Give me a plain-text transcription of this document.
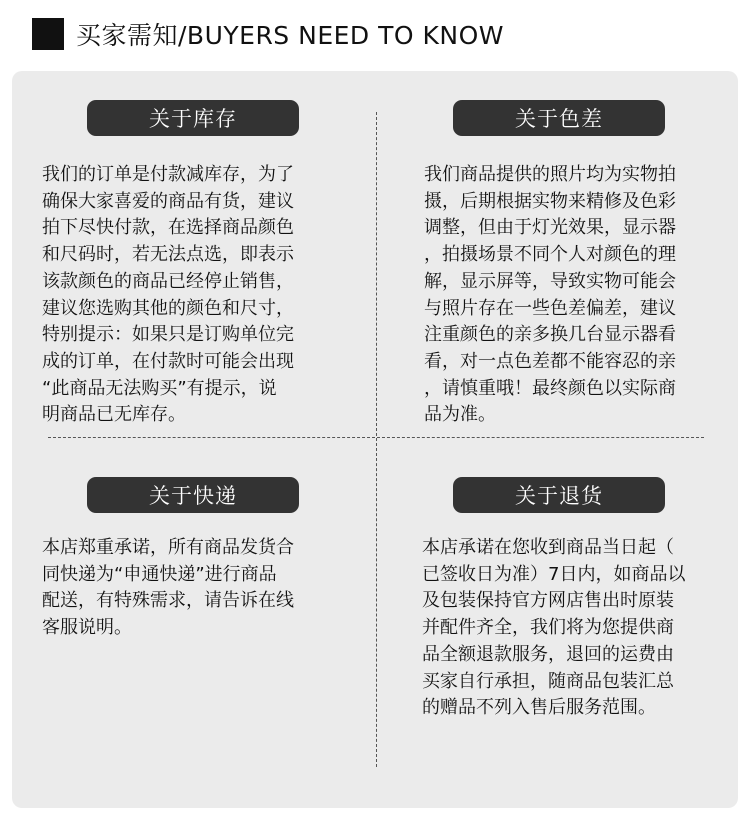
买家需知/BUYERS NEED TO KNOW
关于库存
我们的订单是付款减库存，为了
确保大家喜爱的商品有货，建议
拍下尽快付款，在选择商品颜色
和尺码时，若无法点选，即表示
该款颜色的商品已经停止销售，
建议您选购其他的颜色和尺寸，
特别提示：如果只是订购单位完
成的订单，在付款时可能会出现
“此商品无法购买”有提示，说
明商品已无库存。
关于色差
我们商品提供的照片均为实物拍
摄，后期根据实物来精修及色彩
调整，但由于灯光效果，显示器
，拍摄场景不同个人对颜色的理
解，显示屏等，导致实物可能会
与照片存在一些色差偏差，建议
注重颜色的亲多换几台显示器看
看，对一点色差都不能容忍的亲
，请慎重哦！最终颜色以实际商
品为准。
关于快递
本店郑重承诺，所有商品发货合
同快递为“申通快递”进行商品
配送，有特殊需求，请告诉在线
客服说明。
关于退货
本店承诺在您收到商品当日起（
已签收日为准）7日内，如商品以
及包装保持官方网店售出时原装
并配件齐全，我们将为您提供商
品全额退款服务，退回的运费由
买家自行承担，随商品包装汇总
的赠品不列入售后服务范围。
